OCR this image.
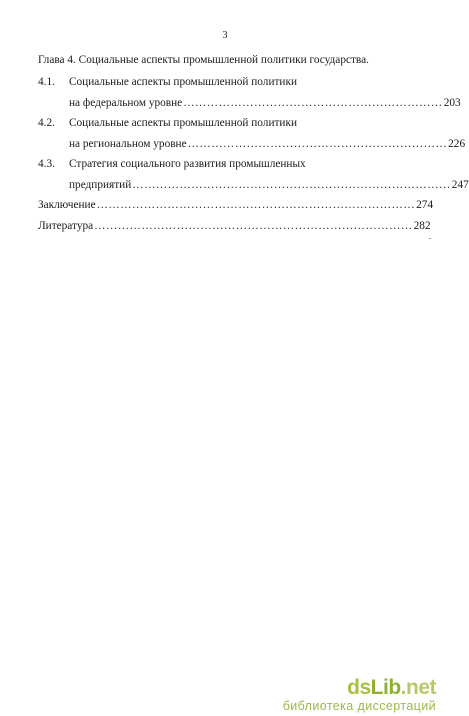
3
Глава 4. Социальные аспекты промышленной политики государства.
4.1.	Социальные аспекты промышленной политики
на федеральном уровне ………………………………………………………… 203
4.2.	Социальные аспекты промышленной политики
на региональном уровне ………………………………………………………… 226
4.3.	Стратегия социального развития промышленных
предприятий ……………………………………………………………………… 247
Заключение ……………………………………………………………………… 274
Литература ……………………………………………………………………… 282
dsLib.net
библиотека диссертаций
